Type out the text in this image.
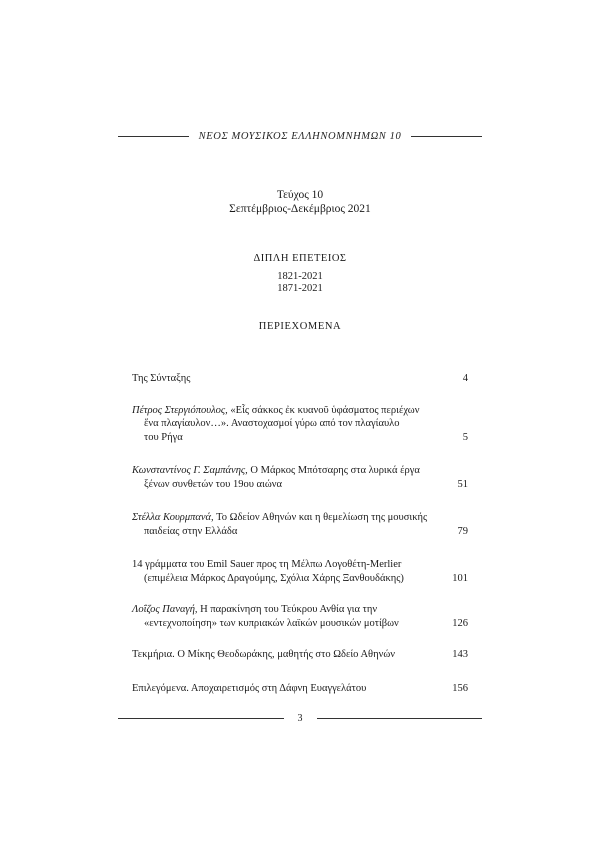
ΝΕΟΣ ΜΟΥΣΙΚΟΣ ΕΛΛΗΝΟΜΝΗΜΩΝ 10
Τεύχος 10
Σεπτέμβριος-Δεκέμβριος 2021
ΔΙΠΛΗ ΕΠΕΤΕΙΟΣ
1821-2021
1871-2021
ΠΕΡΙΕΧΟΜΕΝΑ
Της Σύνταξης	4
Πέτρος Στεργιόπουλος, «Εἷς σάκκος ἐκ κυανοῦ ὑφάσματος περιέχων
ἕνα πλαγίαυλον…». Αναστοχασμοί γύρω από τον πλαγίαυλο
του Ρήγα	5
Κωνσταντίνος Γ. Σαμπάνης, Ο Μάρκος Μπότσαρης στα λυρικά έργα
ξένων συνθετών του 19ου αιώνα	51
Στέλλα Κουρμπανά, Το Ωδείον Αθηνών και η θεμελίωση της μουσικής
παιδείας στην Ελλάδα	79
14 γράμματα του Emil Sauer προς τη Μέλπω Λογοθέτη-Merlier
(επιμέλεια Μάρκος Δραγούμης, Σχόλια Χάρης Ξανθουδάκης)	101
Λοΐζος Παναγή, Η παρακίνηση του Τεύκρου Ανθία για την
«εντεχνοποίηση» των κυπριακών λαϊκών μουσικών μοτίβων	126
Τεκμήρια. Ο Μίκης Θεοδωράκης, μαθητής στο Ωδείο Αθηνών	143
Επιλεγόμενα. Αποχαιρετισμός στη Δάφνη Ευαγγελάτου	156
3
